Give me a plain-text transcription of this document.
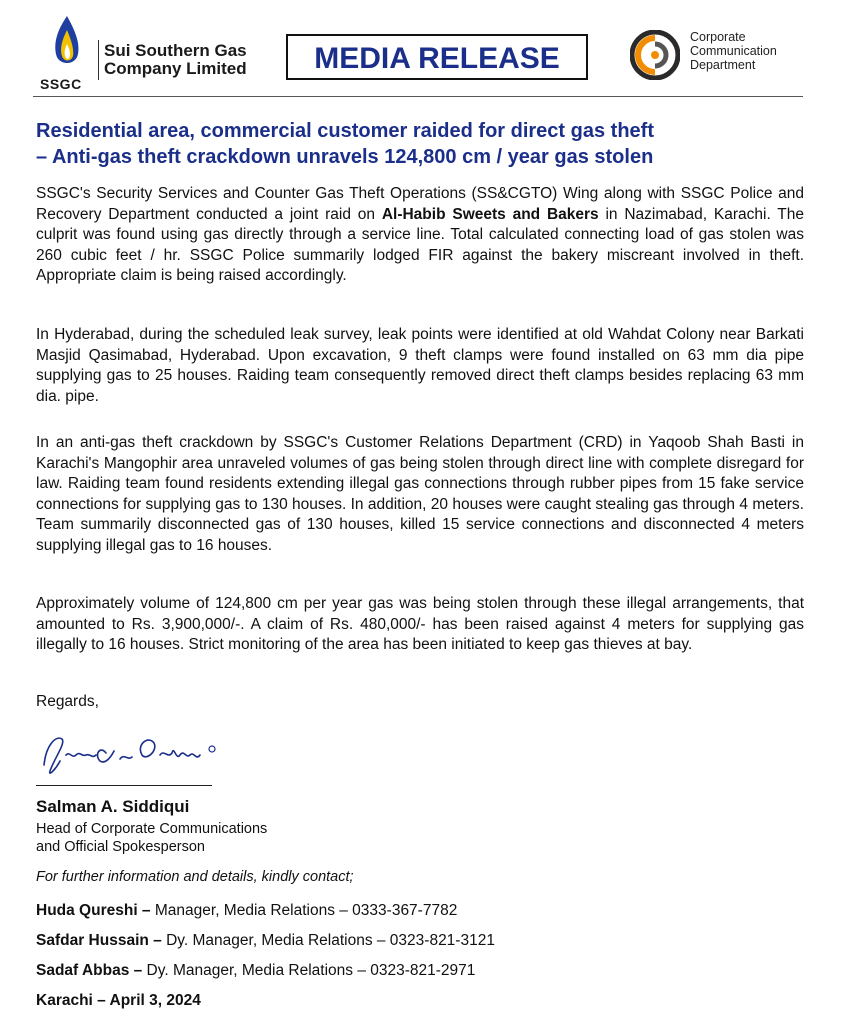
SSGC
Sui Southern Gas
Company Limited	MEDIA RELEASE
Corporate
Communication
Department
Residential area, commercial customer raided for direct gas theft
– Anti-gas theft crackdown unravels 124,800 cm / year gas stolen
SSGC's Security Services and Counter Gas Theft Operations (SS&CGTO) Wing along with SSGC Police and Recovery Department conducted a joint raid on Al-Habib Sweets and Bakers in Nazimabad, Karachi. The culprit was found using gas directly through a service line. Total calculated connecting load of gas stolen was 260 cubic feet / hr. SSGC Police summarily lodged FIR against the bakery miscreant involved in theft. Appropriate claim is being raised accordingly.
In Hyderabad, during the scheduled leak survey, leak points were identified at old Wahdat Colony near Barkati Masjid Qasimabad, Hyderabad. Upon excavation, 9 theft clamps were found installed on 63 mm dia pipe supplying gas to 25 houses. Raiding team consequently removed direct theft clamps besides replacing 63 mm dia. pipe.
In an anti-gas theft crackdown by SSGC's Customer Relations Department (CRD) in Yaqoob Shah Basti in Karachi's Mangophir area unraveled volumes of gas being stolen through direct line with complete disregard for law. Raiding team found residents extending illegal gas connections through rubber pipes from 15 fake service connections for supplying gas to 130 houses. In addition, 20 houses were caught stealing gas through 4 meters. Team summarily disconnected gas of 130 houses, killed 15 service connections and disconnected 4 meters supplying illegal gas to 16 houses.
Approximately volume of 124,800 cm per year gas was being stolen through these illegal arrangements, that amounted to Rs. 3,900,000/-. A claim of Rs. 480,000/- has been raised against 4 meters for supplying gas illegally to 16 houses. Strict monitoring of the area has been initiated to keep gas thieves at bay.
Regards,
Salman A. Siddiqui
Head of Corporate Communications
and Official Spokesperson
For further information and details, kindly contact;
Huda Qureshi – Manager, Media Relations – 0333-367-7782
Safdar Hussain – Dy. Manager, Media Relations – 0323-821-3121
Sadaf Abbas – Dy. Manager, Media Relations – 0323-821-2971
Karachi – April 3, 2024
